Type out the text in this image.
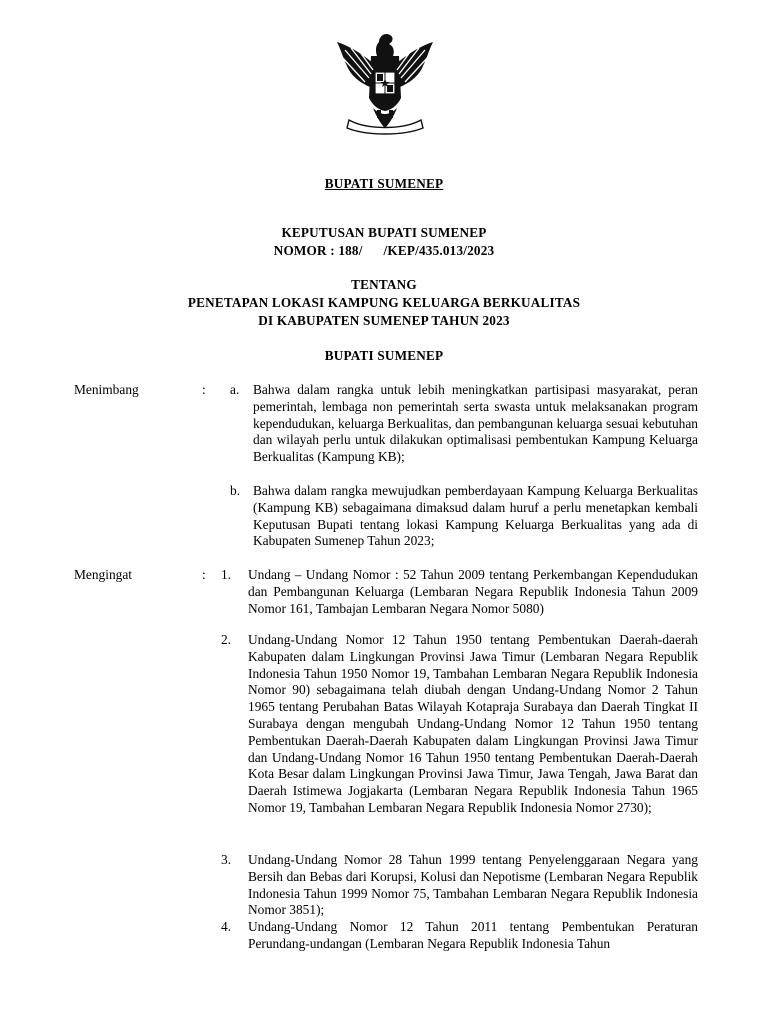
BUPATI SUMENEP
KEPUTUSAN BUPATI SUMENEP
NOMOR : 188/      /KEP/435.013/2023
TENTANG
PENETAPAN LOKASI KAMPUNG KELUARGA BERKUALITAS
DI KABUPATEN SUMENEP TAHUN 2023
BUPATI SUMENEP
Menimbang	: a. Bahwa dalam rangka untuk lebih meningkatkan partisipasi masyarakat, peran pemerintah, lembaga non pemerintah serta swasta untuk melaksanakan program kependudukan, keluarga Berkualitas, dan pembangunan keluarga sesuai kebutuhan dan wilayah perlu untuk dilakukan optimalisasi pembentukan Kampung Keluarga Berkualitas (Kampung KB);
b. Bahwa dalam rangka mewujudkan pemberdayaan Kampung Keluarga Berkualitas (Kampung KB) sebagaimana dimaksud dalam huruf a perlu menetapkan kembali Keputusan Bupati tentang lokasi Kampung Keluarga Berkualitas yang ada di Kabupaten Sumenep Tahun 2023;
Mengingat	: 1. Undang – Undang Nomor : 52 Tahun 2009 tentang Perkembangan Kependudukan dan Pembangunan Keluarga (Lembaran Negara Republik Indonesia Tahun 2009 Nomor 161, Tambajan Lembaran Negara Nomor 5080)
2. Undang-Undang Nomor 12 Tahun 1950 tentang Pembentukan Daerah-daerah Kabupaten dalam Lingkungan Provinsi Jawa Timur (Lembaran Negara Republik Indonesia Tahun 1950 Nomor 19, Tambahan Lembaran Negara Republik Indonesia Nomor 90) sebagaimana telah diubah dengan Undang-Undang Nomor 2 Tahun 1965 tentang Perubahan Batas Wilayah Kotapraja Surabaya dan Daerah Tingkat II Surabaya dengan mengubah Undang-Undang Nomor 12 Tahun 1950 tentang Pembentukan Daerah-Daerah Kabupaten dalam Lingkungan Provinsi Jawa Timur dan Undang-Undang Nomor 16 Tahun 1950 tentang Pembentukan Daerah-Daerah Kota Besar dalam Lingkungan Provinsi Jawa Timur, Jawa Tengah, Jawa Barat dan Daerah Istimewa Jogjakarta (Lembaran Negara Republik Indonesia Tahun 1965 Nomor 19, Tambahan Lembaran Negara Republik Indonesia Nomor 2730);
3. Undang-Undang Nomor 28 Tahun 1999 tentang Penyelenggaraan Negara yang Bersih dan Bebas dari Korupsi, Kolusi dan Nepotisme (Lembaran Negara Republik Indonesia Tahun 1999 Nomor 75, Tambahan Lembaran Negara Republik Indonesia Nomor 3851);
4. Undang-Undang Nomor 12 Tahun 2011 tentang Pembentukan Peraturan Perundang-undangan (Lembaran Negara Republik Indonesia Tahun
